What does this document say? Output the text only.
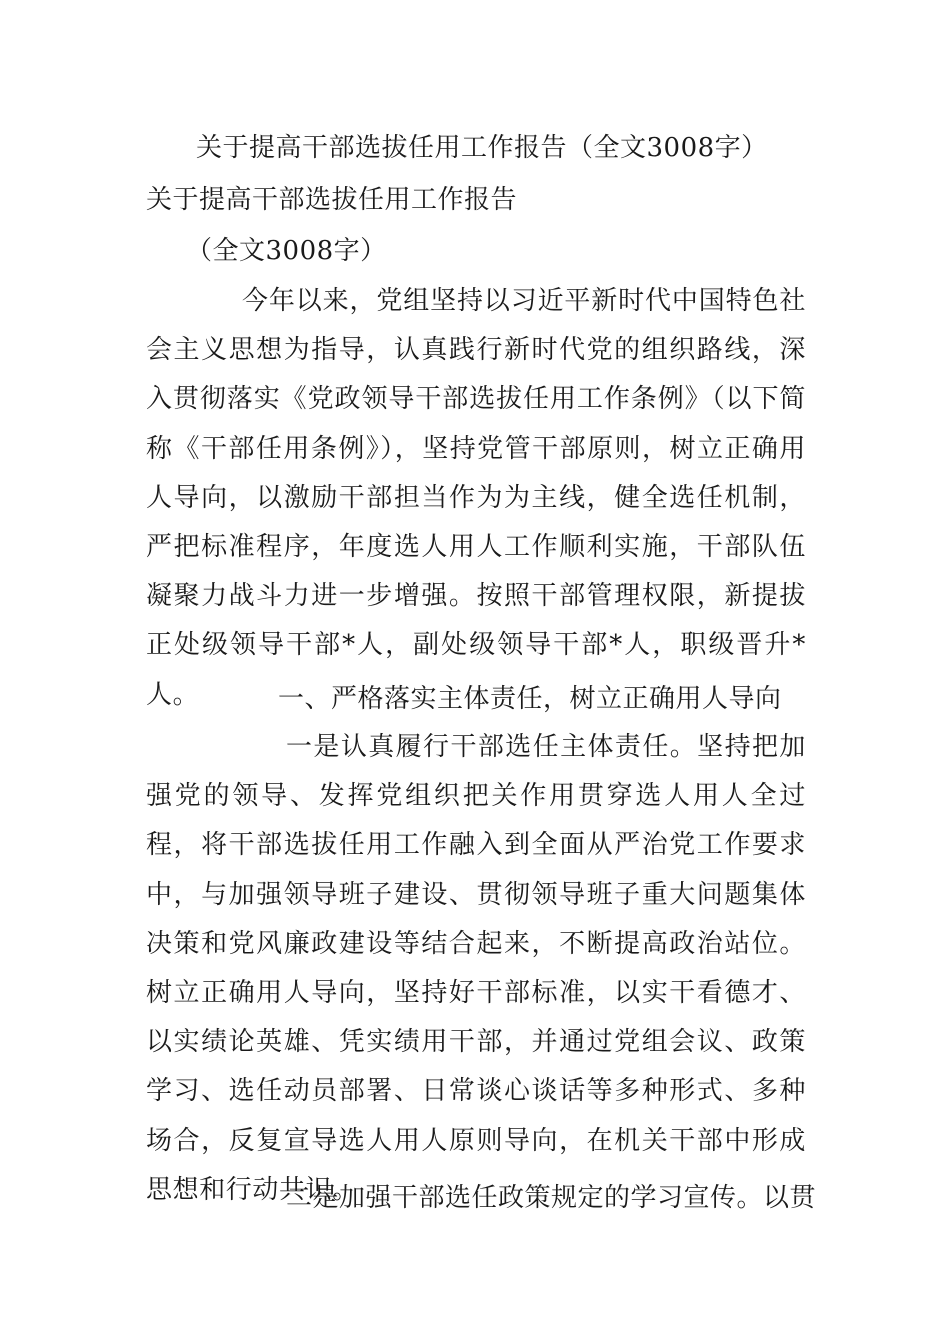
关于提高干部选拔任用工作报告（全文3008字）
关于提高干部选拔任用工作报告
（全文3008字）
今年以来，党组坚持以习近平新时代中国特色社会主义思想为指导，认真践行新时代党的组织路线，深入贯彻落实《党政领导干部选拔任用工作条例》（以下简称《干部任用条例》），坚持党管干部原则，树立正确用人导向，以激励干部担当作为为主线，健全选任机制，严把标准程序，年度选人用人工作顺利实施，干部队伍凝聚力战斗力进一步增强。按照干部管理权限，新提拔正处级领导干部*人，副处级领导干部*人，职级晋升*人。	一、严格落实主体责任，树立正确用人导向
一是认真履行干部选任主体责任。坚持把加强党的领导、发挥党组织把关作用贯穿选人用人全过程，将干部选拔任用工作融入到全面从严治党工作要求中，与加强领导班子建设、贯彻领导班子重大问题集体决策和党风廉政建设等结合起来，不断提高政治站位。树立正确用人导向，坚持好干部标准，以实干看德才、以实绩论英雄、凭实绩用干部，并通过党组会议、政策学习、选任动员部署、日常谈心谈话等多种形式、多种场合，反复宣导选人用人原则导向，在机关干部中形成思想和行动共识。
二是加强干部选任政策规定的学习宣传。以贯
